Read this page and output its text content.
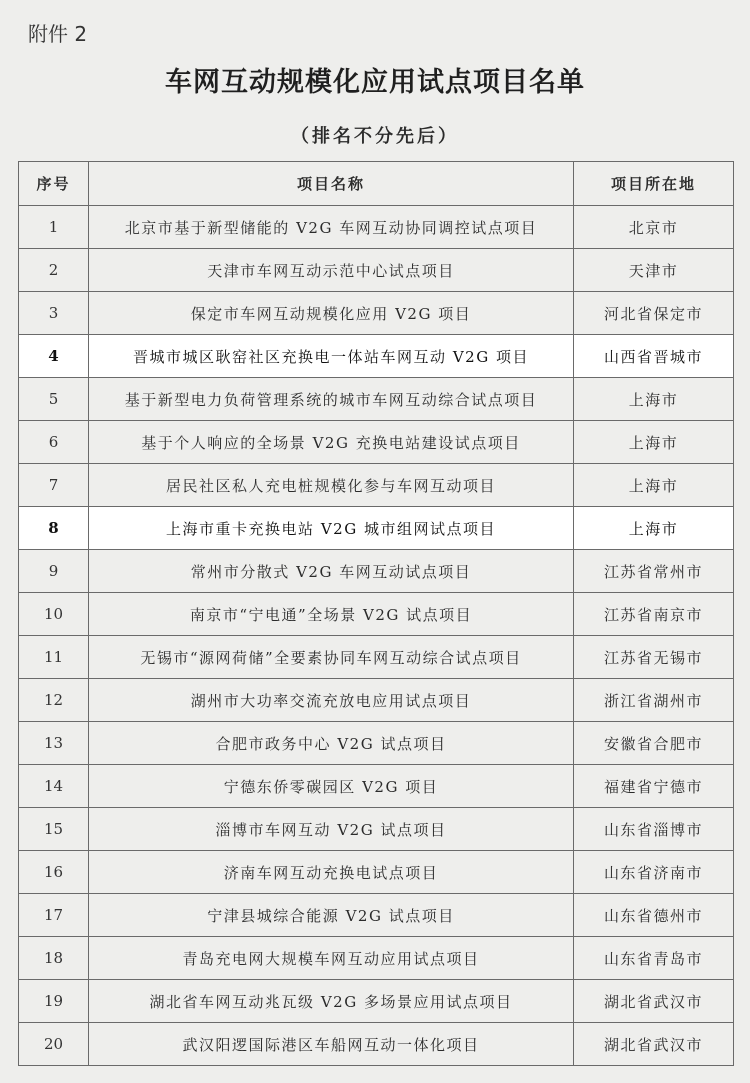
附件 2
车网互动规模化应用试点项目名单
（排名不分先后）
序号	项目名称	项目所在地
1	北京市基于新型储能的 V2G 车网互动协同调控试点项目	北京市
2	天津市车网互动示范中心试点项目	天津市
3	保定市车网互动规模化应用 V2G 项目	河北省保定市
4	晋城市城区耿窑社区充换电一体站车网互动 V2G 项目	山西省晋城市
5	基于新型电力负荷管理系统的城市车网互动综合试点项目	上海市
6	基于个人响应的全场景 V2G 充换电站建设试点项目	上海市
7	居民社区私人充电桩规模化参与车网互动项目	上海市
8	上海市重卡充换电站 V2G 城市组网试点项目	上海市
9	常州市分散式 V2G 车网互动试点项目	江苏省常州市
10	南京市“宁电通”全场景 V2G 试点项目	江苏省南京市
11	无锡市“源网荷储”全要素协同车网互动综合试点项目	江苏省无锡市
12	湖州市大功率交流充放电应用试点项目	浙江省湖州市
13	合肥市政务中心 V2G 试点项目	安徽省合肥市
14	宁德东侨零碳园区 V2G 项目	福建省宁德市
15	淄博市车网互动 V2G 试点项目	山东省淄博市
16	济南车网互动充换电试点项目	山东省济南市
17	宁津县城综合能源 V2G 试点项目	山东省德州市
18	青岛充电网大规模车网互动应用试点项目	山东省青岛市
19	湖北省车网互动兆瓦级 V2G 多场景应用试点项目	湖北省武汉市
20	武汉阳逻国际港区车船网互动一体化项目	湖北省武汉市
